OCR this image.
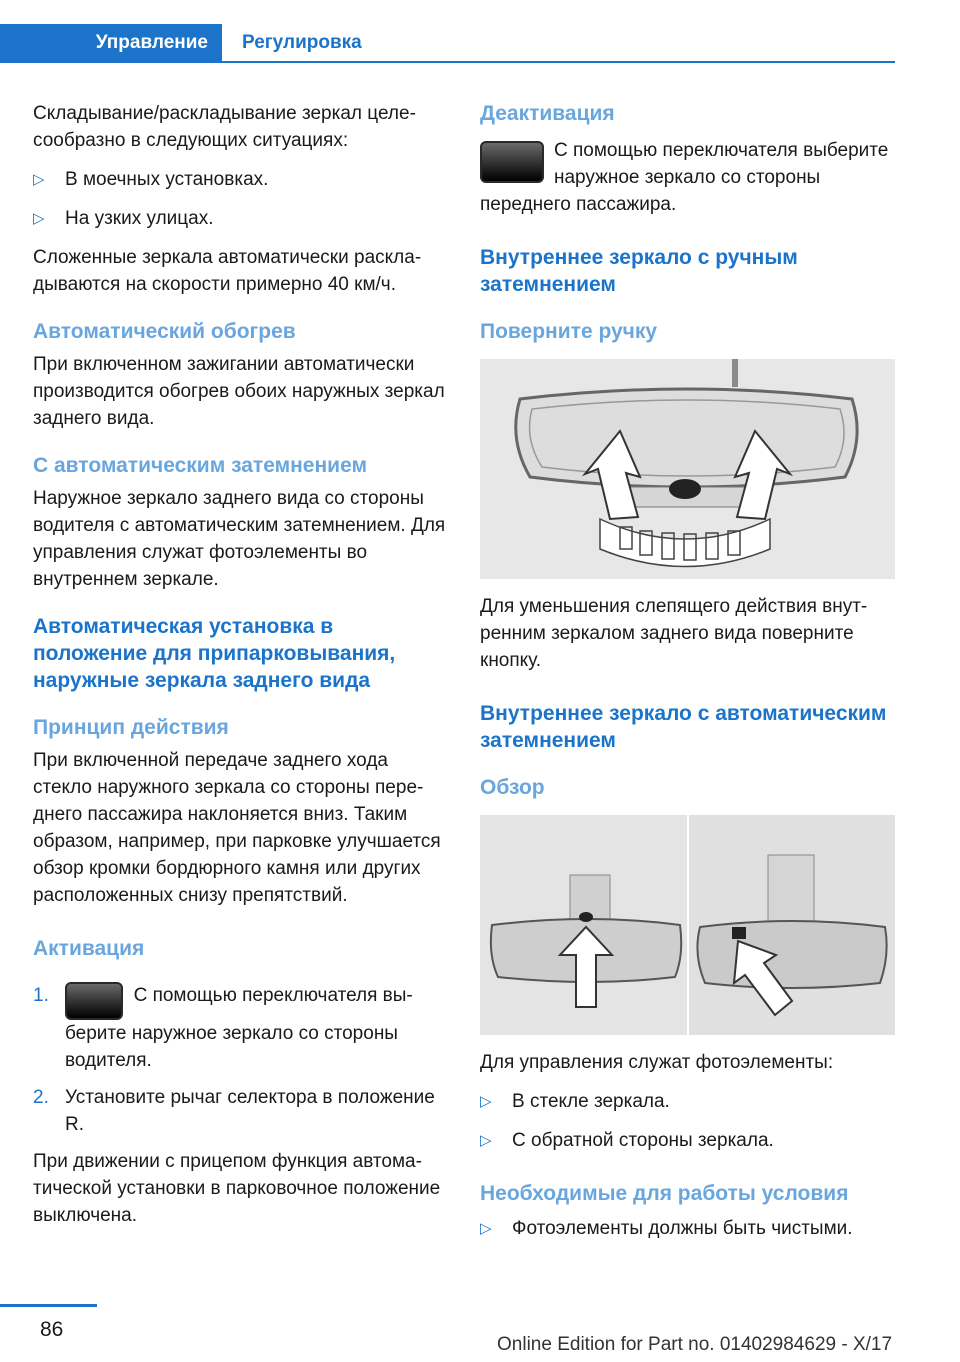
Управление	Регулировка

Складывание/раскладывание зеркал целесообразно в следующих ситуациях:

▷	В моечных установках.
▷	На узких улицах.

Сложенные зеркала автоматически раскладываются на скорости примерно 40 км/ч.

Автоматический обогрев

При включенном зажигании автоматически производится обогрев обоих наружных зеркал заднего вида.

С автоматическим затемнением

Наружное зеркало заднего вида со стороны водителя с автоматическим затемнением. Для управления служат фотоэлементы во внутреннем зеркале.

Автоматическая установка в положение для припарковывания, наружные зеркала заднего вида
Принцип действия

При включенной передаче заднего хода стекло наружного зеркала со стороны переднего пассажира наклоняется вниз. Таким образом, например, при парковке улучшается обзор кромки бордюрного камня или других расположенных снизу препятствий.

Активация
1.	С помощью переключателя выберите наружное зеркало со стороны водителя.
2. Установите рычаг селектора в положение R.

При движении с прицепом функция автоматической установки в парковочное положение выключена.

Деактивация

С помощью переключателя выберите наружное зеркало со стороны переднего пассажира.

Внутреннее зеркало с ручным затемнением
Поверните ручку

Для уменьшения слепящего действия внутренним зеркалом заднего вида поверните кнопку.

Внутреннее зеркало с автоматическим затемнением
Обзор

Для управления служат фотоэлементы:

▷	В стекле зеркала.
▷	С обратной стороны зеркала.
Необходимые для работы условия
▷	Фотоэлементы должны быть чистыми.
86
Online Edition for Part no. 01402984629 - X/17
